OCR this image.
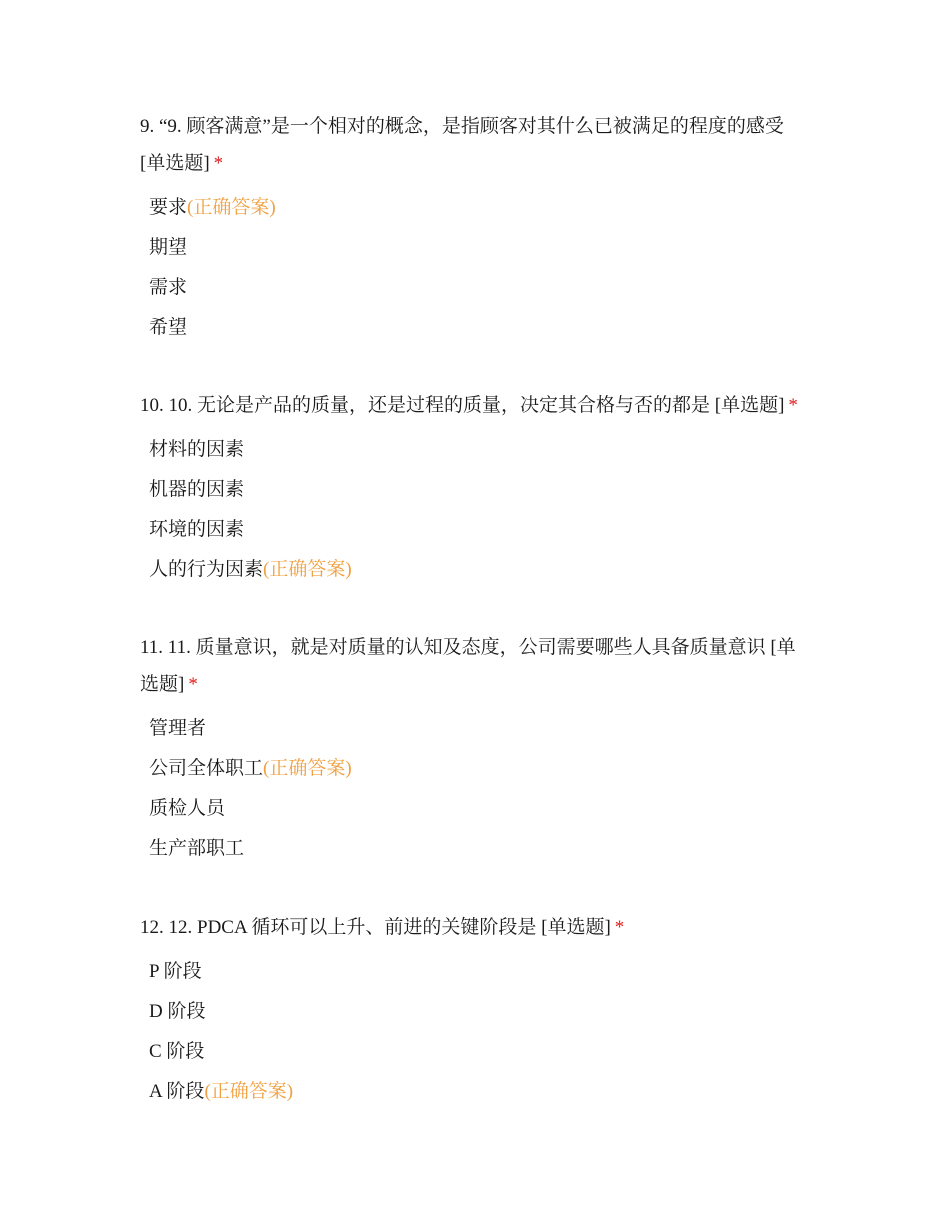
9. “9. 顾客满意”是一个相对的概念，是指顾客对其什么已被满足的程度的感受 [单选题] *

要求(正确答案)
期望
需求
希望

10. 10. 无论是产品的质量，还是过程的质量，决定其合格与否的都是 [单选题] *

材料的因素
机器的因素
环境的因素
人的行为因素(正确答案)

11. 11. 质量意识，就是对质量的认知及态度，公司需要哪些人具备质量意识 [单选题] *

管理者
公司全体职工(正确答案)
质检人员
生产部职工

12. 12. PDCA 循环可以上升、前进的关键阶段是 [单选题] *

P 阶段
D 阶段
C 阶段
A 阶段(正确答案)
